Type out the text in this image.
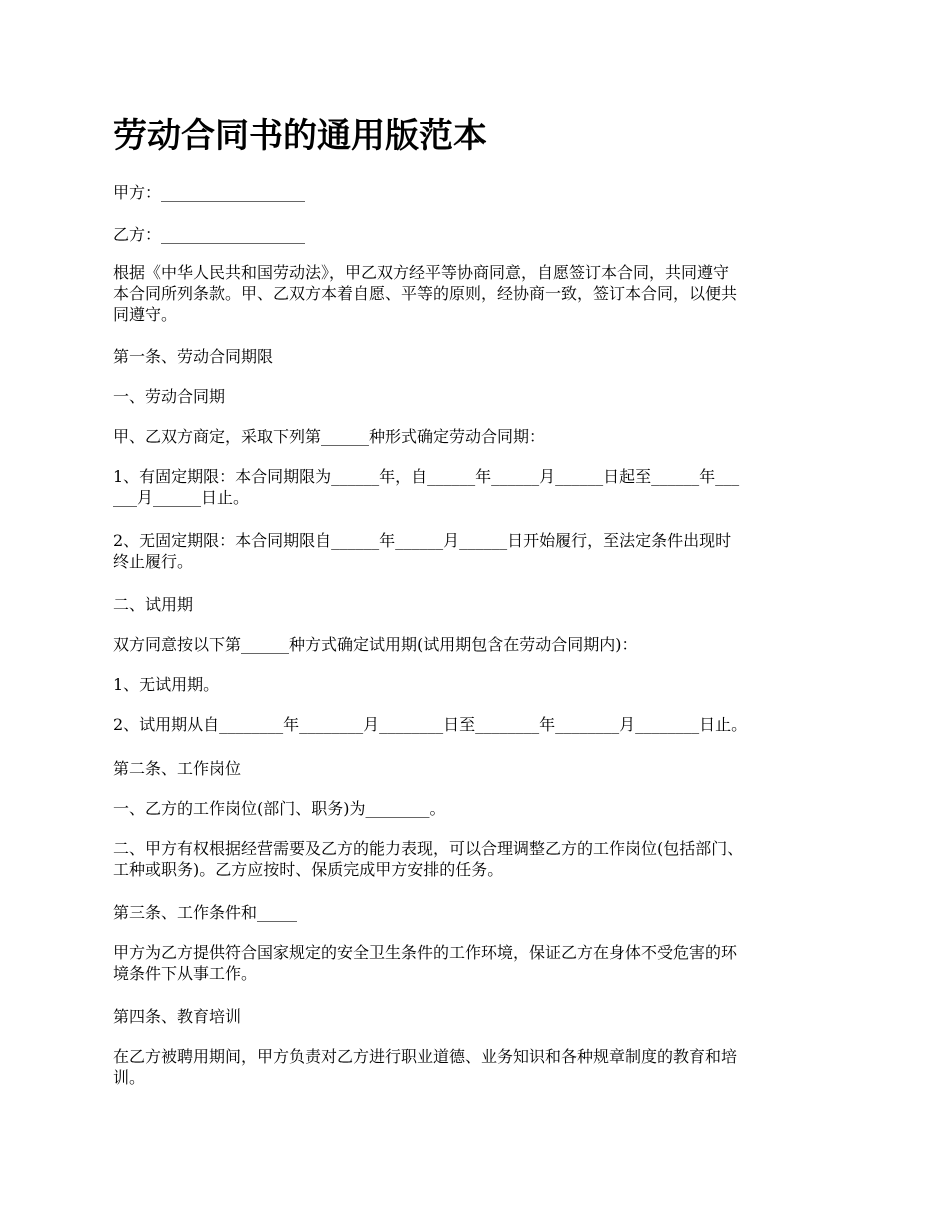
劳动合同书的通用版范本

甲方：__________________

乙方：__________________

根据《中华人民共和国劳动法》，甲乙双方经平等协商同意，自愿签订本合同，共同遵守
本合同所列条款。甲、乙双方本着自愿、平等的原则，经协商一致，签订本合同，以便共
同遵守。

第一条、劳动合同期限

一、劳动合同期

甲、乙双方商定，采取下列第______种形式确定劳动合同期：

1、有固定期限：本合同期限为______年，自______年______月______日起至______年___
___月______日止。

2、无固定期限：本合同期限自______年______月______日开始履行，至法定条件出现时
终止履行。

二、试用期

双方同意按以下第______种方式确定试用期(试用期包含在劳动合同期内)：

1、无试用期。

2、试用期从自________年________月________日至________年________月________日止。

第二条、工作岗位

一、乙方的工作岗位(部门、职务)为________。

二、甲方有权根据经营需要及乙方的能力表现，可以合理调整乙方的工作岗位(包括部门、
工种或职务)。乙方应按时、保质完成甲方安排的任务。

第三条、工作条件和_____

甲方为乙方提供符合国家规定的安全卫生条件的工作环境，保证乙方在身体不受危害的环
境条件下从事工作。

第四条、教育培训

在乙方被聘用期间，甲方负责对乙方进行职业道德、业务知识和各种规章制度的教育和培
训。
